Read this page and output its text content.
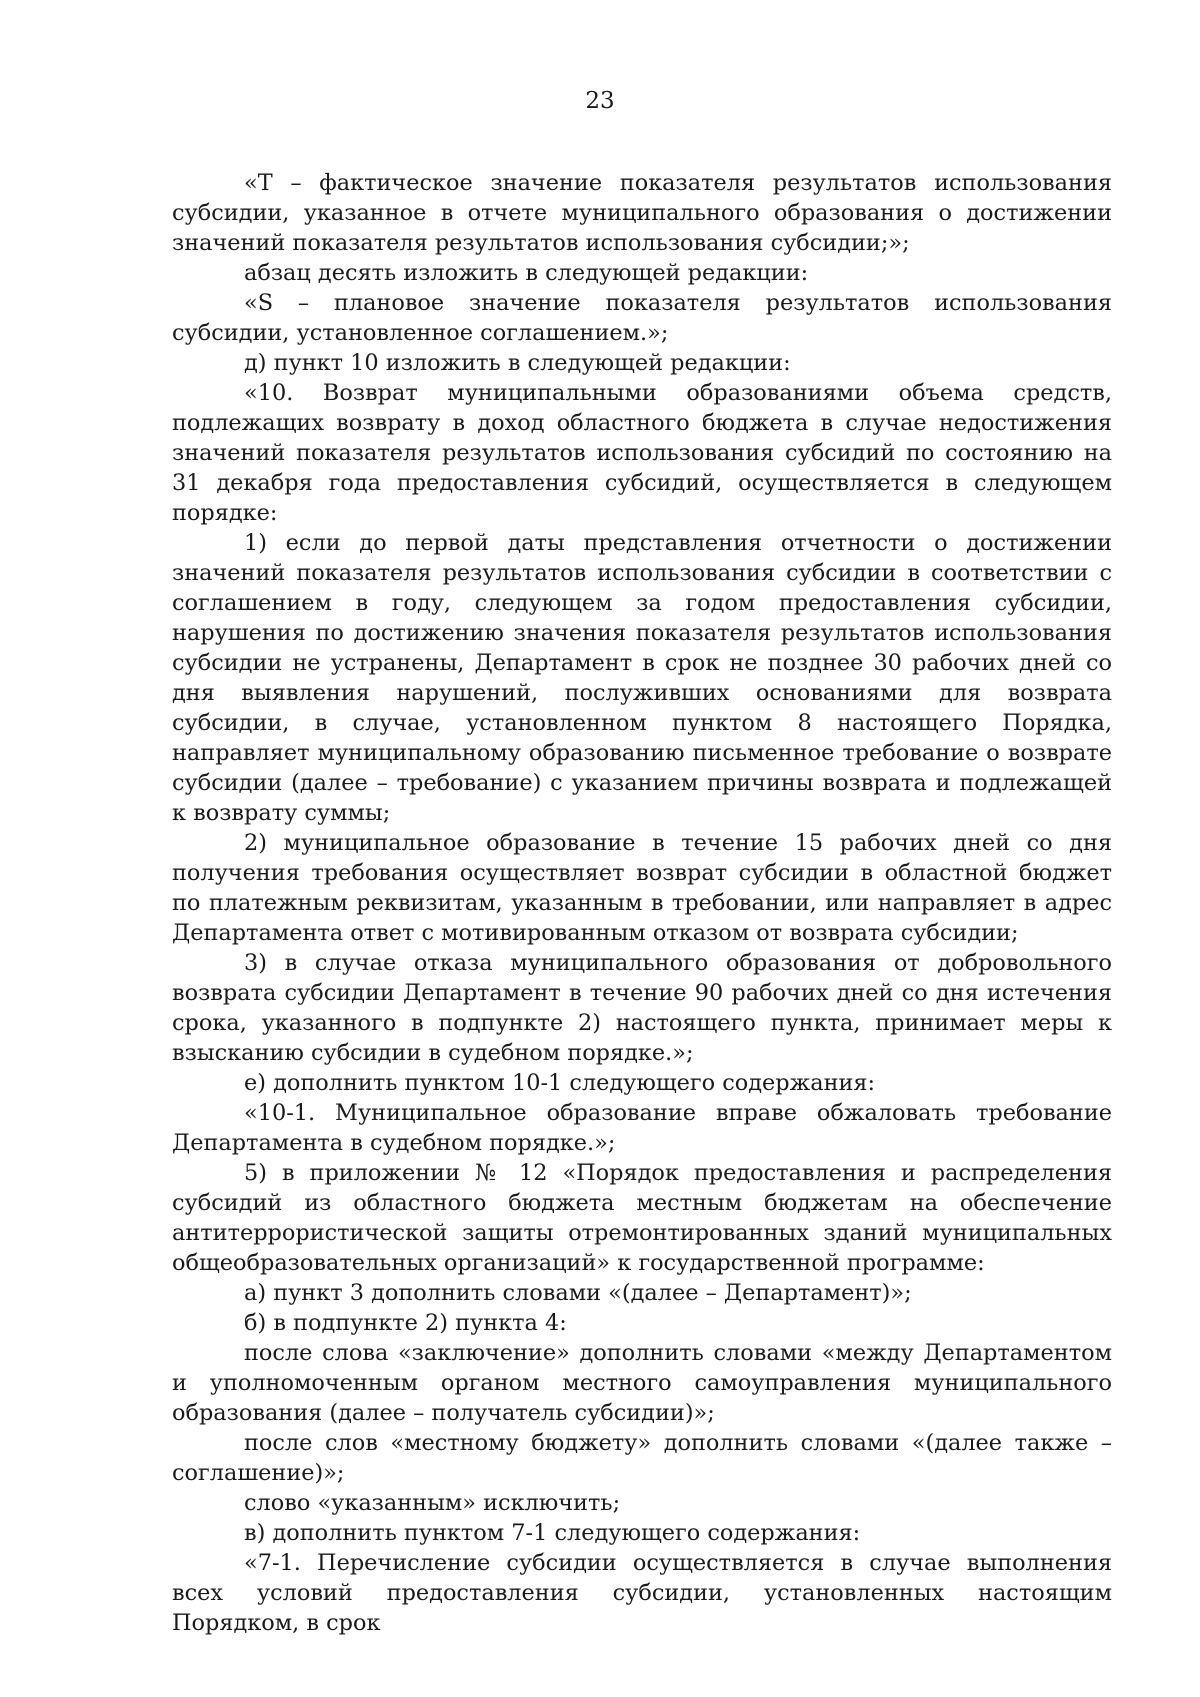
23

«Т – фактическое значение показателя результатов использования субсидии, указанное в отчете муниципального образования о достижении значений показателя результатов использования субсидии;»;

абзац десять изложить в следующей редакции:

«S – плановое значение показателя результатов использования субсидии, установленное соглашением.»;

д) пункт 10 изложить в следующей редакции:

«10. Возврат муниципальными образованиями объема средств, подлежащих возврату в доход областного бюджета в случае недостижения значений показателя результатов использования субсидий по состоянию на 31 декабря года предоставления субсидий, осуществляется в следующем порядке:

1) если до первой даты представления отчетности о достижении значений показателя результатов использования субсидии в соответствии с соглашением в году, следующем за годом предоставления субсидии, нарушения по достижению значения показателя результатов использования субсидии не устранены, Департамент в срок не позднее 30 рабочих дней со дня выявления нарушений, послуживших основаниями для возврата субсидии, в случае, установленном пунктом 8 настоящего Порядка, направляет муниципальному образованию письменное требование о возврате субсидии (далее – требование) с указанием причины возврата и подлежащей к возврату суммы;

2) муниципальное образование в течение 15 рабочих дней со дня получения требования осуществляет возврат субсидии в областной бюджет по платежным реквизитам, указанным в требовании, или направляет в адрес Департамента ответ с мотивированным отказом от возврата субсидии;

3) в случае отказа муниципального образования от добровольного возврата субсидии Департамент в течение 90 рабочих дней со дня истечения срока, указанного в подпункте 2) настоящего пункта, принимает меры к взысканию субсидии в судебном порядке.»;

е) дополнить пунктом 10-1 следующего содержания:

«10-1. Муниципальное образование вправе обжаловать требование Департамента в судебном порядке.»;

5) в приложении № 12 «Порядок предоставления и распределения субсидий из областного бюджета местным бюджетам на обеспечение антитеррористической защиты отремонтированных зданий муниципальных общеобразовательных организаций» к государственной программе:

а) пункт 3 дополнить словами «(далее – Департамент)»;

б) в подпункте 2) пункта 4:

после слова «заключение» дополнить словами «между Департаментом и уполномоченным органом местного самоуправления муниципального образования (далее – получатель субсидии)»;

после слов «местному бюджету» дополнить словами «(далее также – соглашение)»;

слово «указанным» исключить;

в) дополнить пунктом 7-1 следующего содержания:

«7-1. Перечисление субсидии осуществляется в случае выполнения всех условий предоставления субсидии, установленных настоящим Порядком, в срок
